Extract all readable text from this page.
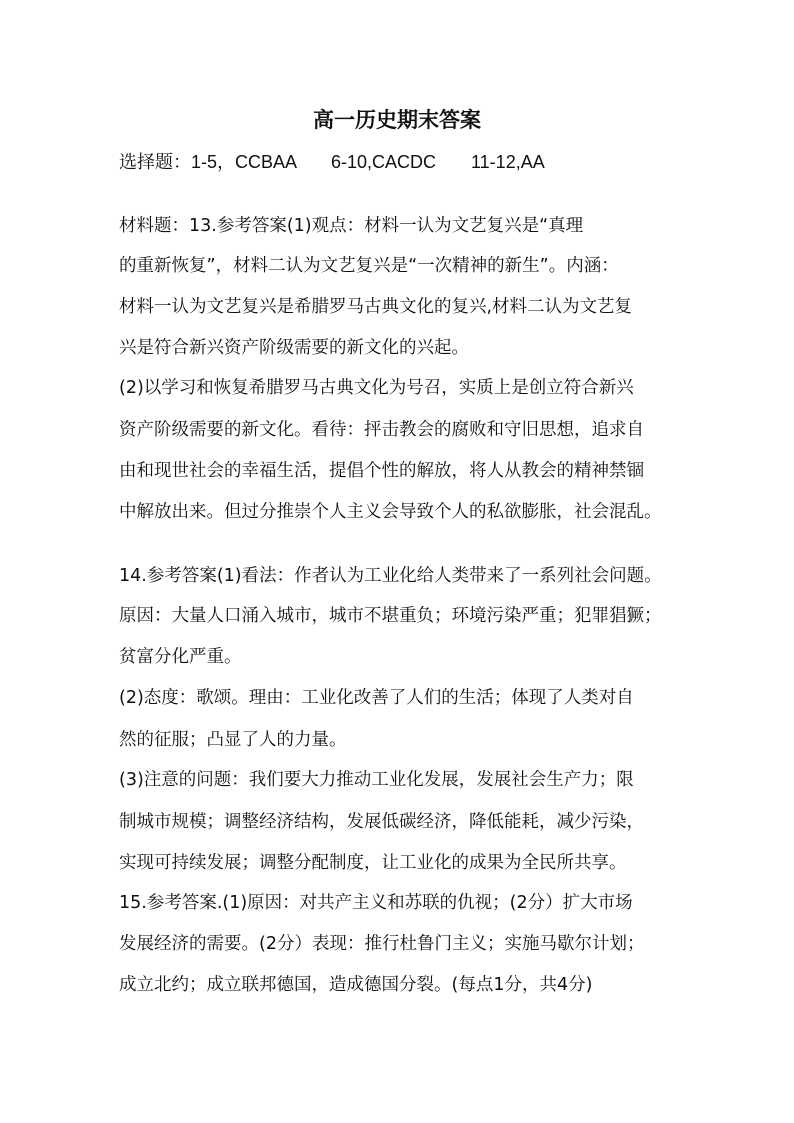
高一历史期末答案
选择题：1-5，CCBAA 6-10,CACDC 11-12,AA
材料题：13.参考答案(1)观点：材料一认为文艺复兴是“真理
的重新恢复”，材料二认为文艺复兴是“一次精神的新生”。内涵：
材料一认为文艺复兴是希腊罗马古典文化的复兴,材料二认为文艺复
兴是符合新兴资产阶级需要的新文化的兴起。
(2)以学习和恢复希腊罗马古典文化为号召，实质上是创立符合新兴
资产阶级需要的新文化。看待：抨击教会的腐败和守旧思想，追求自
由和现世社会的幸福生活，提倡个性的解放，将人从教会的精神禁锢
中解放出来。但过分推崇个人主义会导致个人的私欲膨胀，社会混乱。
14.参考答案(1)看法：作者认为工业化给人类带来了一系列社会问题。
原因：大量人口涌入城市，城市不堪重负；环境污染严重；犯罪猖獗；
贫富分化严重。
(2)态度：歌颂。理由：工业化改善了人们的生活；体现了人类对自
然的征服；凸显了人的力量。
(3)注意的问题：我们要大力推动工业化发展，发展社会生产力；限
制城市规模；调整经济结构，发展低碳经济，降低能耗，减少污染，
实现可持续发展；调整分配制度，让工业化的成果为全民所共享。
15.参考答案.(1)原因：对共产主义和苏联的仇视；(2分）扩大市场
发展经济的需要。(2分）表现：推行杜鲁门主义；实施马歇尔计划；
成立北约；成立联邦德国，造成德国分裂。(每点1分，共4分)
